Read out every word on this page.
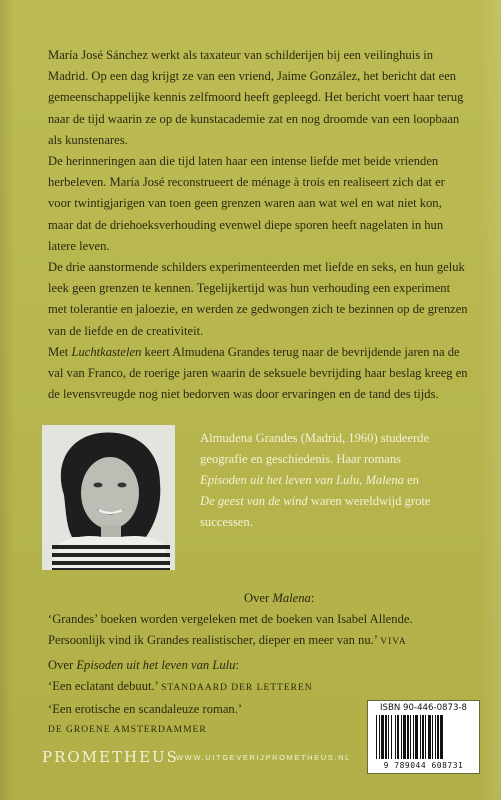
María José Sánchez werkt als taxateur van schilderijen bij een veilinghuis in Madrid. Op een dag krijgt ze van een vriend, Jaime González, het bericht dat een gemeenschappelijke kennis zelfmoord heeft gepleegd. Het bericht voert haar terug naar de tijd waarin ze op de kunstacademie zat en nog droomde van een loopbaan als kunstenares.

De herinneringen aan die tijd laten haar een intense liefde met beide vrienden herbeleven. María José reconstrueert de ménage à trois en realiseert zich dat er voor twintigjarigen van toen geen grenzen waren aan wat wel en wat niet kon, maar dat de driehoeksverhouding evenwel diepe sporen heeft nagelaten in hun latere leven.

De drie aanstormende schilders experimenteerden met liefde en seks, en hun geluk leek geen grenzen te kennen. Tegelijkertijd was hun verhouding een experiment met tolerantie en jaloezie, en werden ze gedwongen zich te bezinnen op de grenzen van de liefde en de creativiteit.

Met Luchtkastelen keert Almudena Grandes terug naar de bevrijdende jaren na de val van Franco, de roerige jaren waarin de seksuele bevrijding haar beslag kreeg en de levensvreugde nog niet bedorven was door ervaringen en de tand des tijds.

Almudena Grandes (Madrid, 1960) studeerde geografie en geschiedenis. Haar romans
Episoden uit het leven van Lulu, Malena en
De geest van de wind waren wereldwijd grote successen.

Over Malena:

‘Grandes’ boeken worden vergeleken met de boeken van Isabel Allende. Persoonlijk vind ik Grandes realistischer, dieper en meer van nu.’ VIVA

Over Episoden uit het leven van Lulu:

‘Een eclatant debuut.’ STANDAARD DER LETTEREN

‘Een erotische en scandaleuze roman.’

DE GROENE AMSTERDAMMER

ISBN 90-446-0873-8
9 789044 608731
PROMETHEUS
WWW.UITGEVERIJPROMETHEUS.NL
